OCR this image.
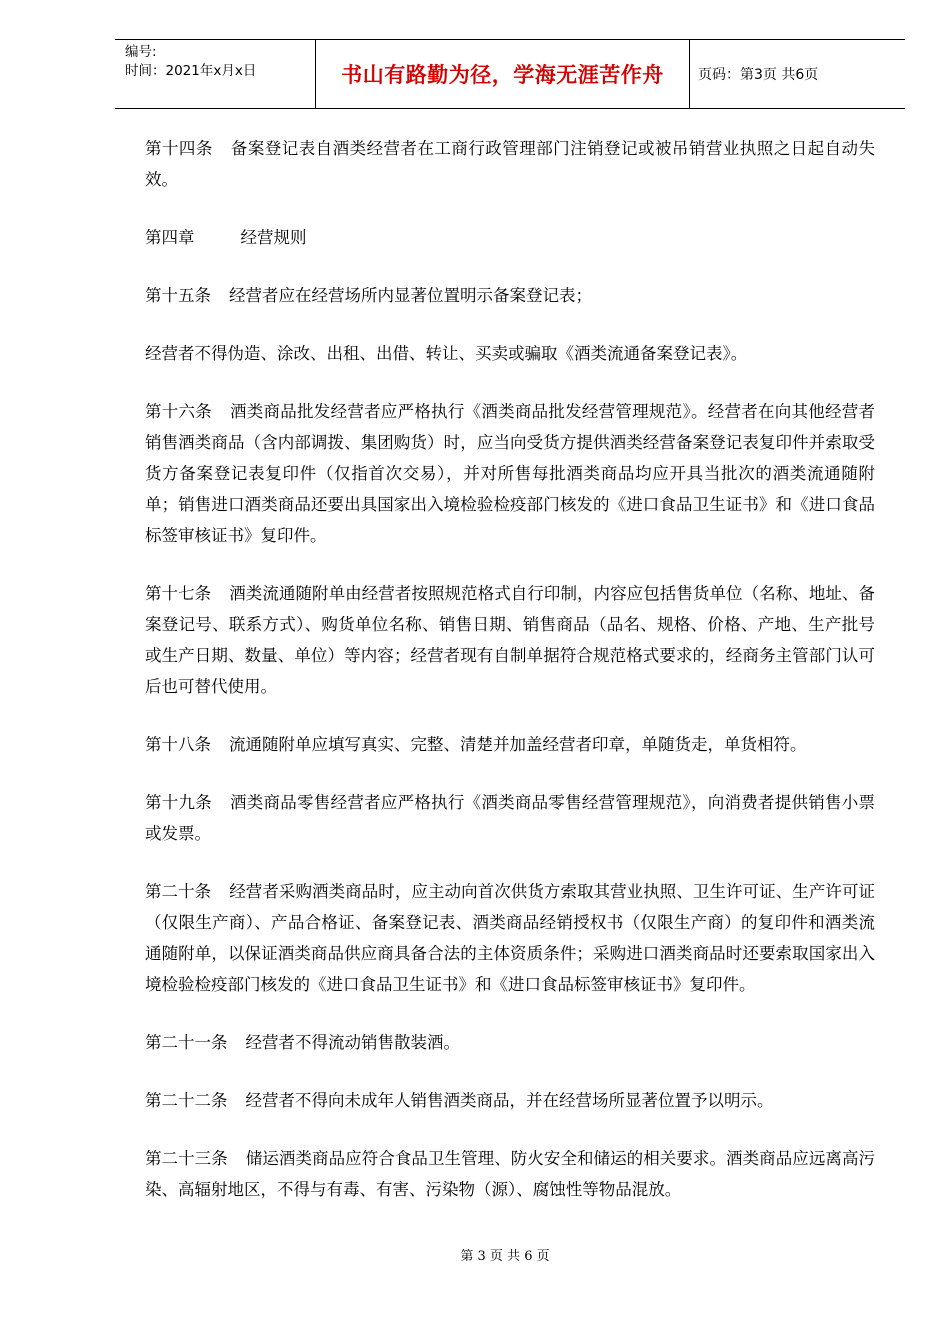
编号:
时间：2021年x月x日	书山有路勤为径，学海无涯苦作舟	页码：第3页 共6页

第十四条 备案登记表自酒类经营者在工商行政管理部门注销登记或被吊销营业执照之日起自动失效。

第四章	经营规则

第十五条 经营者应在经营场所内显著位置明示备案登记表；

经营者不得伪造、涂改、出租、出借、转让、买卖或骗取《酒类流通备案登记表》。

第十六条 酒类商品批发经营者应严格执行《酒类商品批发经营管理规范》。经营者在向其他经营者销售酒类商品（含内部调拨、集团购货）时，应当向受货方提供酒类经营备案登记表复印件并索取受货方备案登记表复印件（仅指首次交易），并对所售每批酒类商品均应开具当批次的酒类流通随附单；销售进口酒类商品还要出具国家出入境检验检疫部门核发的《进口食品卫生证书》和《进口食品标签审核证书》复印件。

第十七条 酒类流通随附单由经营者按照规范格式自行印制，内容应包括售货单位（名称、地址、备案登记号、联系方式）、购货单位名称、销售日期、销售商品（品名、规格、价格、产地、生产批号或生产日期、数量、单位）等内容；经营者现有自制单据符合规范格式要求的，经商务主管部门认可后也可替代使用。

第十八条 流通随附单应填写真实、完整、清楚并加盖经营者印章，单随货走，单货相符。

第十九条 酒类商品零售经营者应严格执行《酒类商品零售经营管理规范》，向消费者提供销售小票或发票。

第二十条 经营者采购酒类商品时，应主动向首次供货方索取其营业执照、卫生许可证、生产许可证（仅限生产商）、产品合格证、备案登记表、酒类商品经销授权书（仅限生产商）的复印件和酒类流通随附单，以保证酒类商品供应商具备合法的主体资质条件；采购进口酒类商品时还要索取国家出入境检验检疫部门核发的《进口食品卫生证书》和《进口食品标签审核证书》复印件。

第二十一条 经营者不得流动销售散装酒。

第二十二条 经营者不得向未成年人销售酒类商品，并在经营场所显著位置予以明示。

第二十三条 储运酒类商品应符合食品卫生管理、防火安全和储运的相关要求。酒类商品应远离高污染、高辐射地区，不得与有毒、有害、污染物（源）、腐蚀性等物品混放。

第 3 页 共 6 页
